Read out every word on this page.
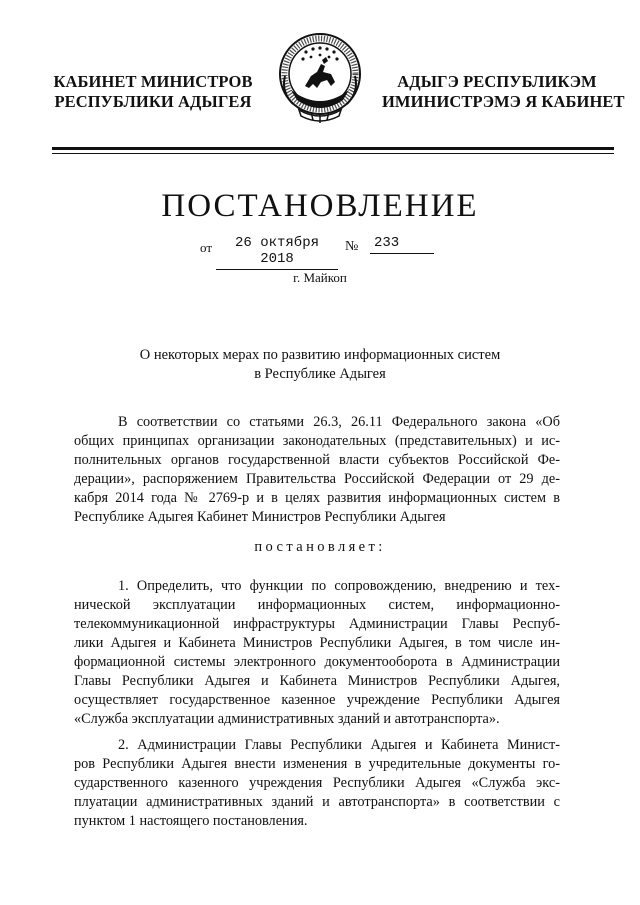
КАБИНЕТ МИНИСТРОВ
РЕСПУБЛИКИ АДЫГЕЯ
АДЫГЭ РЕСПУБЛИКЭМ
ИМИНИСТРЭМЭ Я КАБИНЕТ
ПОСТАНОВЛЕНИЕ
от	26 октября 2018
№ 233
г. Майкоп
О некоторых мерах по развитию информационных систем
в Республике Адыгея
В соответствии со статьями 26.3, 26.11 Федерального закона «Об
общих принципах организации законодательных (представительных) и ис-
полнительных органов государственной власти субъектов Российской Фе-
дерации», распоряжением Правительства Российской Федерации от 29 де-
кабря 2014 года № 2769-р и в целях развития информационных систем в
Республике Адыгея Кабинет Министров Республики Адыгея
постановляет:
1. Определить, что функции по сопровождению, внедрению и тех-
нической эксплуатации информационных систем, информационно-
телекоммуникационной инфраструктуры Администрации Главы Респуб-
лики Адыгея и Кабинета Министров Республики Адыгея, в том числе ин-
формационной системы электронного документооборота в Администрации
Главы Республики Адыгея и Кабинета Министров Республики Адыгея,
осуществляет государственное казенное учреждение Республики Адыгея
«Служба эксплуатации административных зданий и автотранспорта».
2. Администрации Главы Республики Адыгея и Кабинета Минист-
ров Республики Адыгея внести изменения в учредительные документы го-
сударственного казенного учреждения Республики Адыгея «Служба экс-
плуатации административных зданий и автотранспорта» в соответствии с
пунктом 1 настоящего постановления.
